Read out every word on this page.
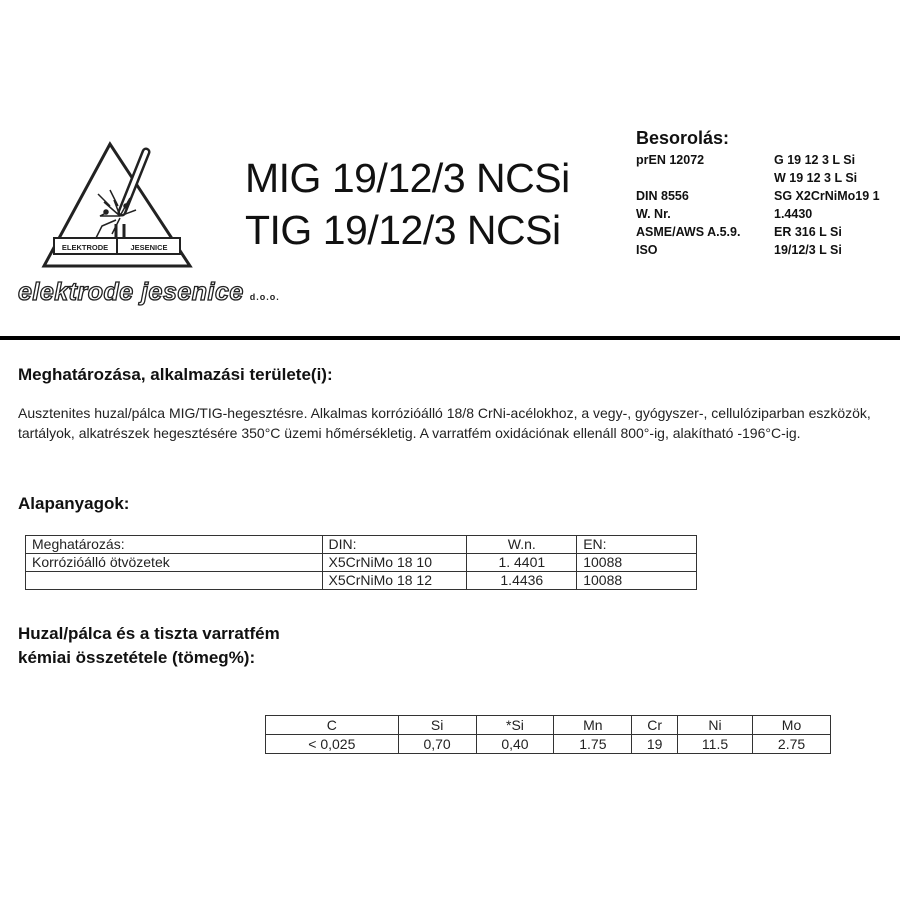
ELEKTRODE	JESENICE
elektrode jesenice d.o.o.
MIG 19/12/3 NCSi
TIG 19/12/3 NCSi
Besorolás:
prEN 12072	G 19 12 3 L Si
W 19 12 3 L Si
DIN 8556	SG X2CrNiMo19 1
W. Nr.	1.4430
ASME/AWS A.5.9.	ER 316 L Si
ISO	19/12/3 L Si
Meghatározása, alkalmazási területe(i):
Ausztenites huzal/pálca MIG/TIG-hegesztésre. Alkalmas korrózióálló 18/8 CrNi-acélokhoz, a vegy-, gyógyszer-, cellulóziparban eszközök, tartályok, alkatrészek hegesztésére 350°C üzemi hőmérsékletig. A varratfém oxidációnak ellenáll 800°-ig, alakítható -196°C-ig.
Alapanyagok:
Meghatározás:	DIN:	W.n.	EN:
Korrózióálló ötvözetek	X5CrNiMo 18 10	1. 4401	10088
	X5CrNiMo 18 12	1.4436	10088
Huzal/pálca és a tiszta varratfém
kémiai összetétele (tömeg%):
C	Si	*Si	Mn	Cr	Ni	Mo
< 0,025	0,70	0,40	1.75	19	11.5	2.75
